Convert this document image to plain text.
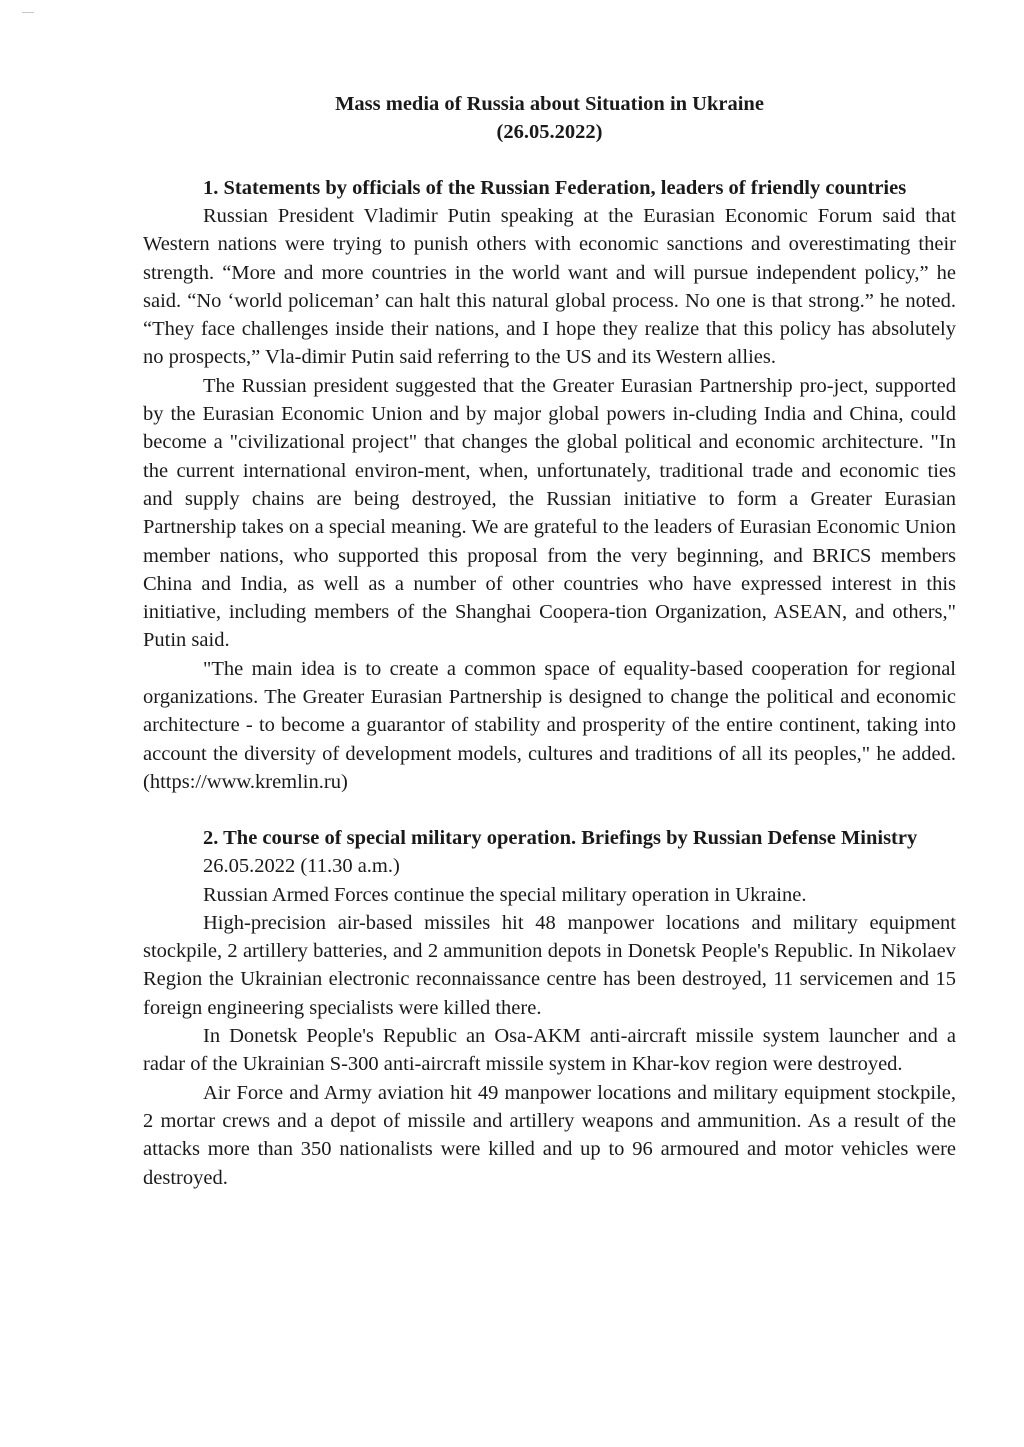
Mass media of Russia about Situation in Ukraine
(26.05.2022)
1. Statements by officials of the Russian Federation, leaders of friendly countries

Russian President Vladimir Putin speaking at the Eurasian Economic Forum said that Western nations were trying to punish others with economic sanctions and overestimating their strength. “More and more countries in the world want and will pursue independent policy,” he said. “No ‘world policeman’ can halt this natural global process. No one is that strong.” he noted. “They face challenges inside their nations, and I hope they realize that this policy has absolutely no prospects,” Vla-dimir Putin said referring to the US and its Western allies.

The Russian president suggested that the Greater Eurasian Partnership pro-ject, supported by the Eurasian Economic Union and by major global powers in-cluding India and China, could become a "civilizational project" that changes the global political and economic architecture. "In the current international environ-ment, when, unfortunately, traditional trade and economic ties and supply chains are being destroyed, the Russian initiative to form a Greater Eurasian Partnership takes on a special meaning. We are grateful to the leaders of Eurasian Economic Union member nations, who supported this proposal from the very beginning, and BRICS members China and India, as well as a number of other countries who have expressed interest in this initiative, including members of the Shanghai Coopera-tion Organization, ASEAN, and others," Putin said.

"The main idea is to create a common space of equality-based cooperation for regional organizations. The Greater Eurasian Partnership is designed to change the political and economic architecture - to become a guarantor of stability and prosperity of the entire continent, taking into account the diversity of development models, cultures and traditions of all its peoples," he added. (https://www.kremlin.ru)

2. The course of special military operation. Briefings by Russian Defense Ministry

26.05.2022 (11.30 a.m.)

Russian Armed Forces continue the special military operation in Ukraine.

High-precision air-based missiles hit 48 manpower locations and military equipment stockpile, 2 artillery batteries, and 2 ammunition depots in Donetsk People's Republic. In Nikolaev Region the Ukrainian electronic reconnaissance centre has been destroyed, 11 servicemen and 15 foreign engineering specialists were killed there.

In Donetsk People's Republic an Osa-AKM anti-aircraft missile system launcher and a radar of the Ukrainian S-300 anti-aircraft missile system in Khar-kov region were destroyed.

Air Force and Army aviation hit 49 manpower locations and military equipment stockpile, 2 mortar crews and a depot of missile and artillery weapons and ammunition. As a result of the attacks more than 350 nationalists were killed and up to 96 armoured and motor vehicles were destroyed.
